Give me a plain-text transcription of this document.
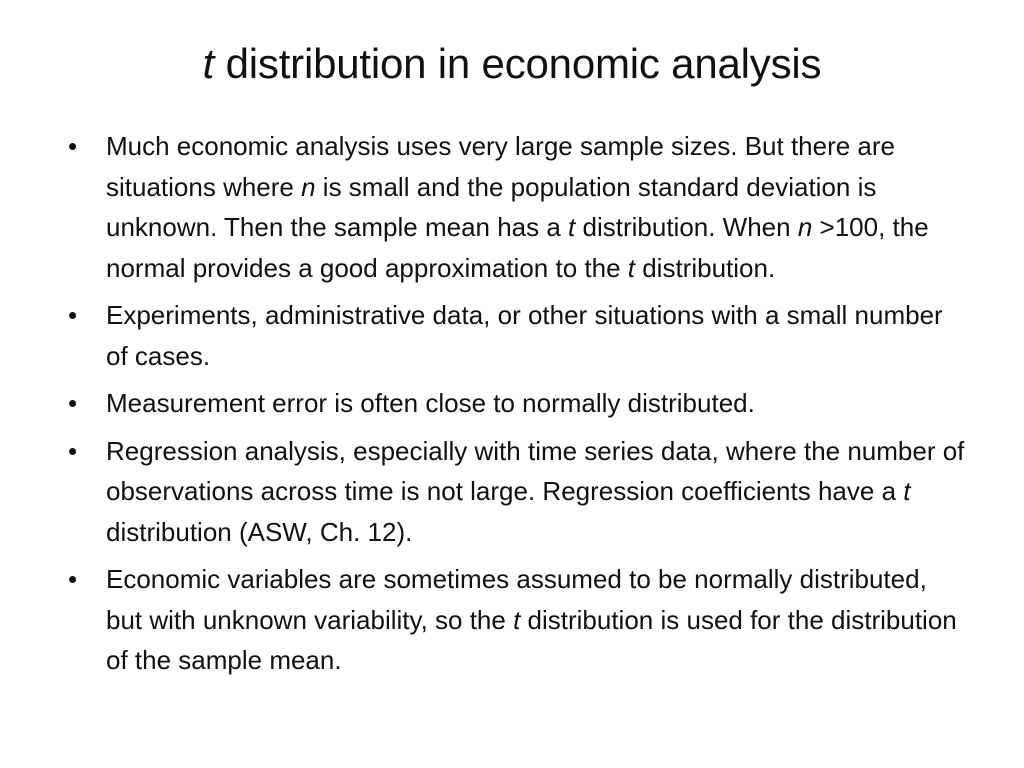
t distribution in economic analysis
•	Much economic analysis uses very large sample sizes. But there are situations where n is small and the population standard deviation is unknown. Then the sample mean has a t distribution. When n >100, the normal provides a good approximation to the t distribution.
•	Experiments, administrative data, or other situations with a small number of cases.
•	Measurement error is often close to normally distributed.
•	Regression analysis, especially with time series data, where the number of observations across time is not large. Regression coefficients have a t distribution (ASW, Ch. 12).
•	Economic variables are sometimes assumed to be normally distributed, but with unknown variability, so the t distribution is used for the distribution of the sample mean.
